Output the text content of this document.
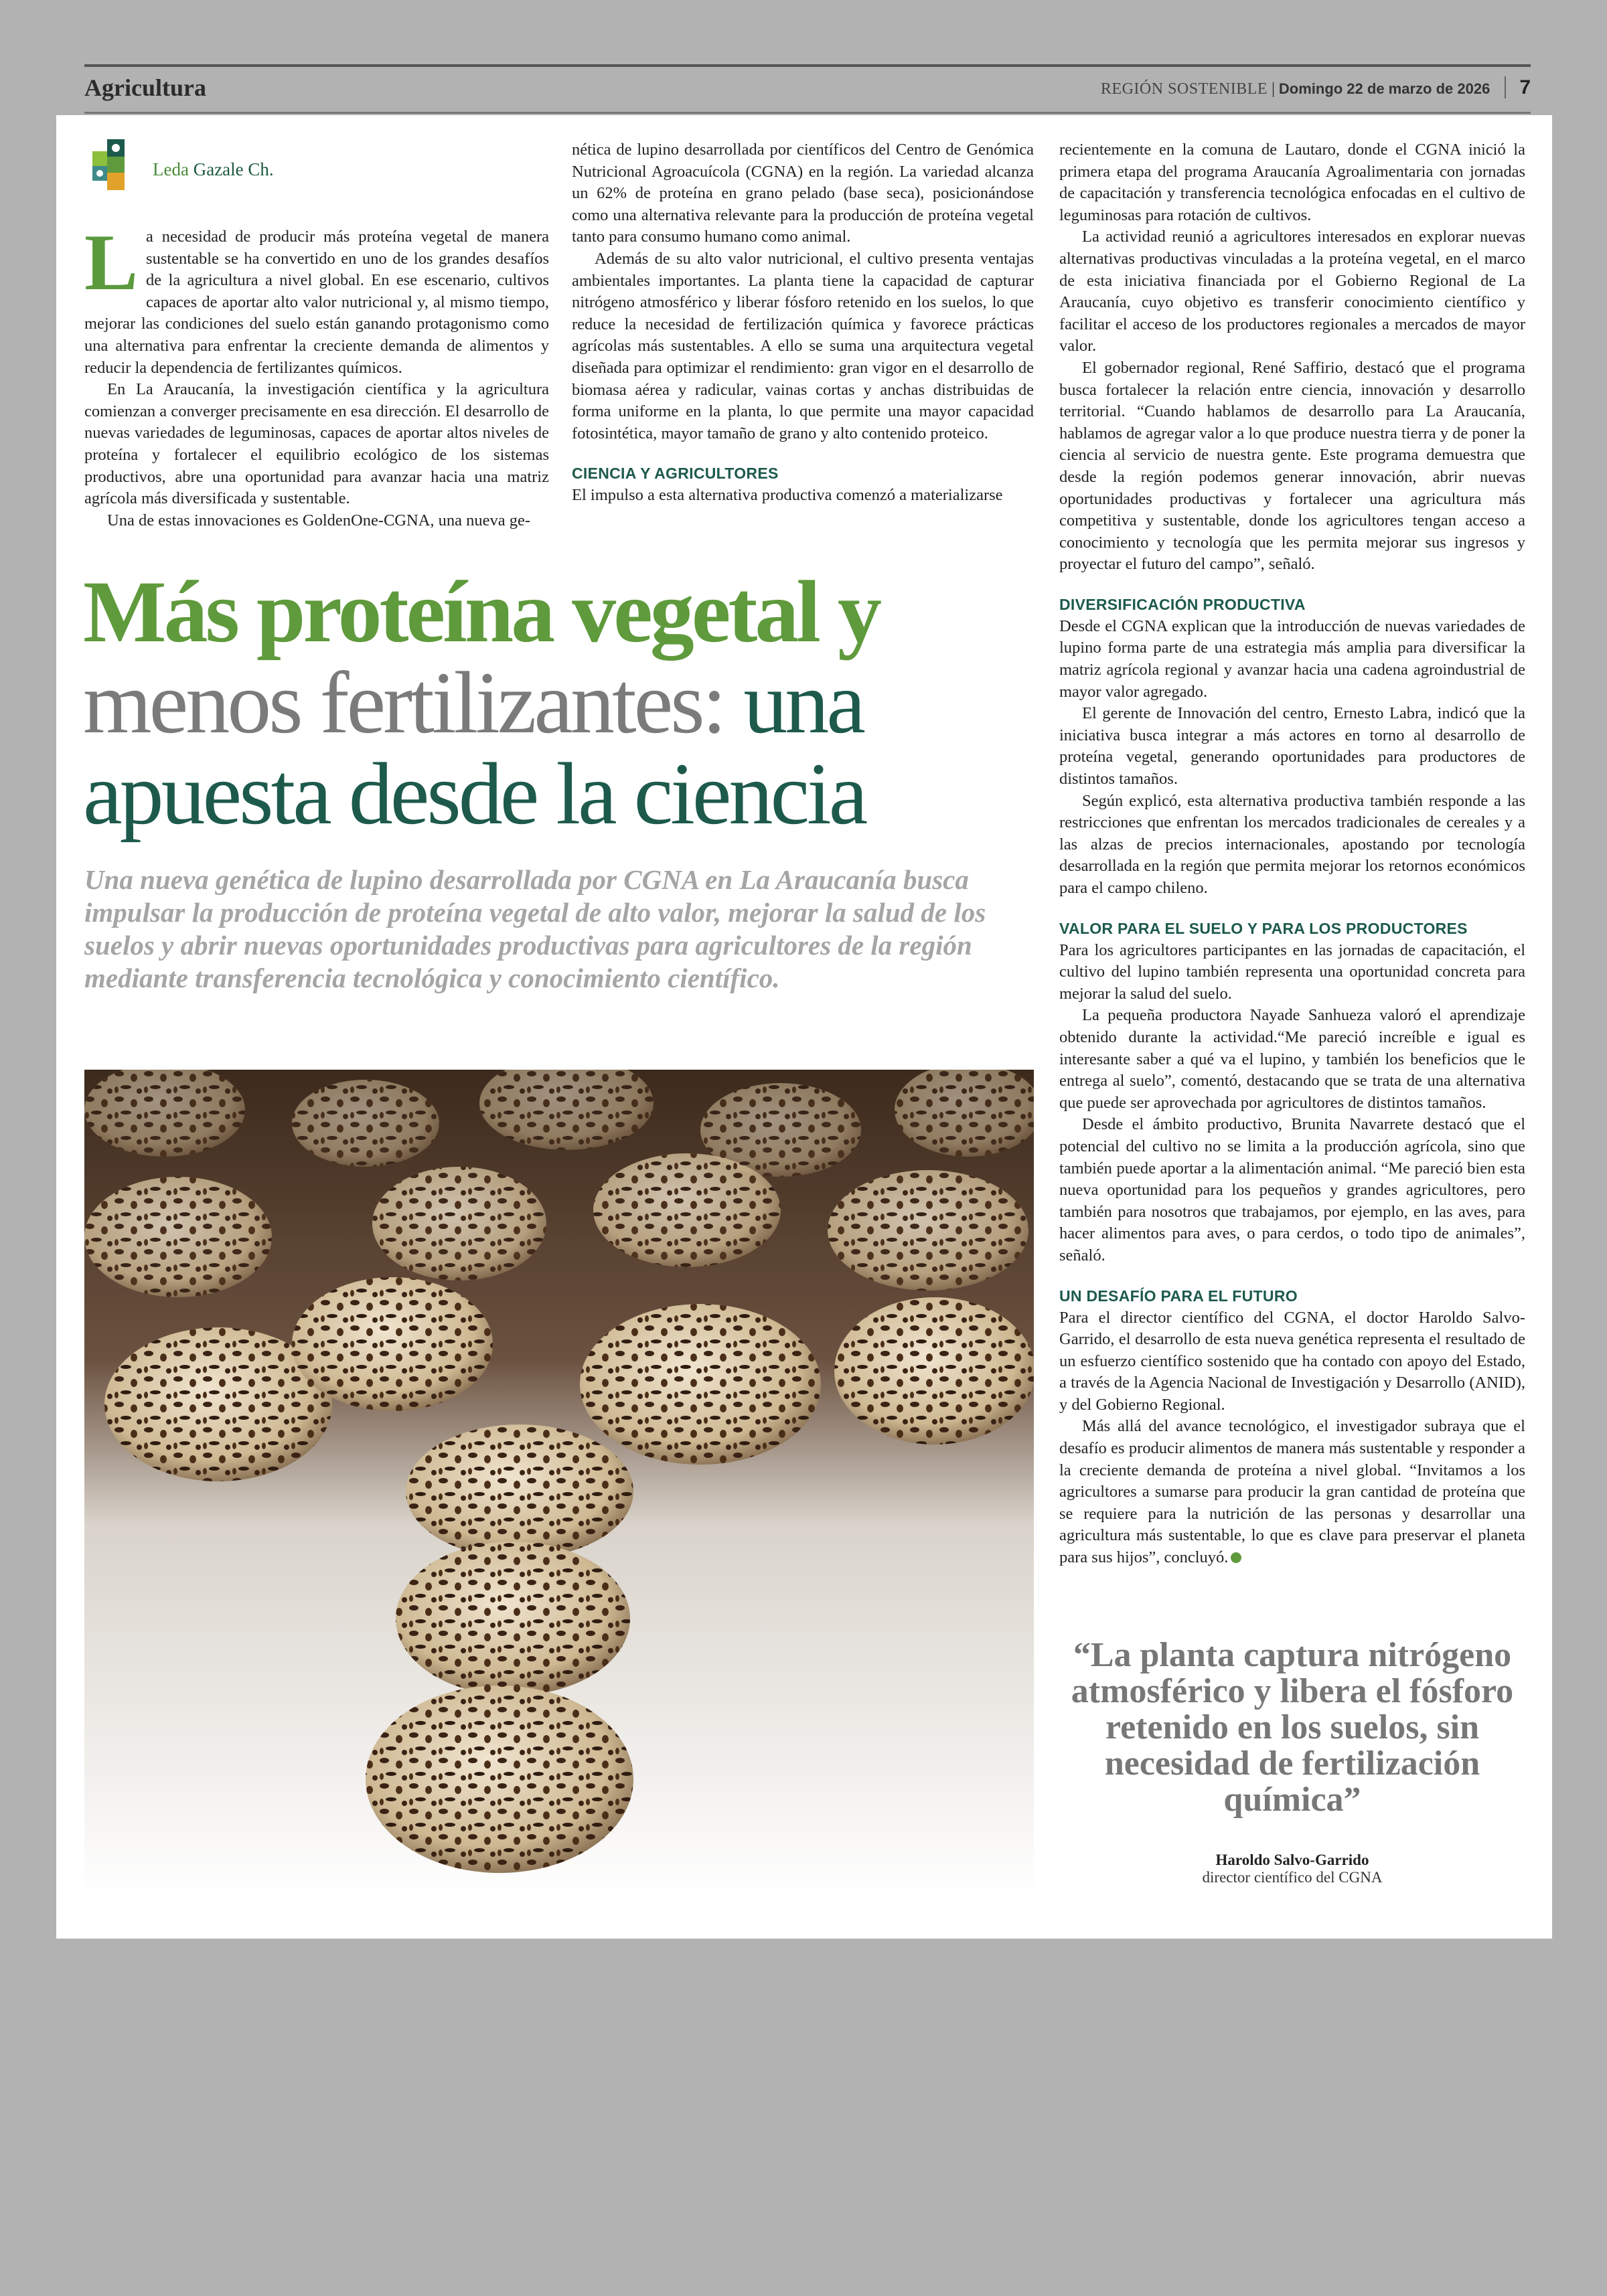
Agricultura	REGIÓN SOSTENIBLE | Domingo 22 de marzo de 2026 7
Leda Gazale Ch.

La necesidad de producir más proteína vegetal de manera sustentable se ha convertido en uno de los grandes desafíos de la agricultura a nivel global. En ese escenario, cultivos capaces de aportar alto valor nutricional y, al mismo tiempo, mejorar las condiciones del suelo están ganando protagonismo como una alternativa para enfrentar la creciente demanda de alimentos y reducir la dependencia de fertilizantes químicos.

En La Araucanía, la investigación científica y la agricultura comienzan a converger precisamente en esa dirección. El desarrollo de nuevas variedades de leguminosas, capaces de aportar altos niveles de proteína y fortalecer el equilibrio ecológico de los sistemas productivos, abre una oportunidad para avanzar hacia una matriz agrícola más diversificada y sustentable.

Una de estas innovaciones es GoldenOne-CGNA, una nueva ge-

nética de lupino desarrollada por científicos del Centro de Genómica Nutricional Agroacuícola (CGNA) en la región. La variedad alcanza un 62% de proteína en grano pelado (base seca), posicionándose como una alternativa relevante para la producción de proteína vegetal tanto para consumo humano como animal.

Además de su alto valor nutricional, el cultivo presenta ventajas ambientales importantes. La planta tiene la capacidad de capturar nitrógeno atmosférico y liberar fósforo retenido en los suelos, lo que reduce la necesidad de fertilización química y favorece prácticas agrícolas más sustentables. A ello se suma una arquitectura vegetal diseñada para optimizar el rendimiento: gran vigor en el desarrollo de biomasa aérea y radicular, vainas cortas y anchas distribuidas de forma uniforme en la planta, lo que permite una mayor capacidad fotosintética, mayor tamaño de grano y alto contenido proteico.

CIENCIA Y AGRICULTORES

El impulso a esta alternativa productiva comenzó a materializarse

recientemente en la comuna de Lautaro, donde el CGNA inició la primera etapa del programa Araucanía Agroalimentaria con jornadas de capacitación y transferencia tecnológica enfocadas en el cultivo de leguminosas para rotación de cultivos.

La actividad reunió a agricultores interesados en explorar nuevas alternativas productivas vinculadas a la proteína vegetal, en el marco de esta iniciativa financiada por el Gobierno Regional de La Araucanía, cuyo objetivo es transferir conocimiento científico y facilitar el acceso de los productores regionales a mercados de mayor valor.

El gobernador regional, René Saffirio, destacó que el programa busca fortalecer la relación entre ciencia, innovación y desarrollo territorial. “Cuando hablamos de desarrollo para La Araucanía, hablamos de agregar valor a lo que produce nuestra tierra y de poner la ciencia al servicio de nuestra gente. Este programa demuestra que desde la región podemos generar innovación, abrir nuevas oportunidades productivas y fortalecer una agricultura más competitiva y sustentable, donde los agricultores tengan acceso a conocimiento y tecnología que les permita mejorar sus ingresos y proyectar el futuro del campo”, señaló.

DIVERSIFICACIÓN PRODUCTIVA

Desde el CGNA explican que la introducción de nuevas variedades de lupino forma parte de una estrategia más amplia para diversificar la matriz agrícola regional y avanzar hacia una cadena agroindustrial de mayor valor agregado.

El gerente de Innovación del centro, Ernesto Labra, indicó que la iniciativa busca integrar a más actores en torno al desarrollo de proteína vegetal, generando oportunidades para productores de distintos tamaños.

Según explicó, esta alternativa productiva también responde a las restricciones que enfrentan los mercados tradicionales de cereales y a las alzas de precios internacionales, apostando por tecnología desarrollada en la región que permita mejorar los retornos económicos para el campo chileno.

VALOR PARA EL SUELO Y PARA LOS PRODUCTORES

Para los agricultores participantes en las jornadas de capacitación, el cultivo del lupino también representa una oportunidad concreta para mejorar la salud del suelo.

La pequeña productora Nayade Sanhueza valoró el aprendizaje obtenido durante la actividad.“Me pareció increíble e igual es interesante saber a qué va el lupino, y también los beneficios que le entrega al suelo”, comentó, destacando que se trata de una alternativa que puede ser aprovechada por agricultores de distintos tamaños.

Desde el ámbito productivo, Brunita Navarrete destacó que el potencial del cultivo no se limita a la producción agrícola, sino que también puede aportar a la alimentación animal. “Me pareció bien esta nueva oportunidad para los pequeños y grandes agricultores, pero también para nosotros que trabajamos, por ejemplo, en las aves, para hacer alimentos para aves, o para cerdos, o todo tipo de animales”, señaló.

UN DESAFÍO PARA EL FUTURO

Para el director científico del CGNA, el doctor Haroldo Salvo-Garrido, el desarrollo de esta nueva genética representa el resultado de un esfuerzo científico sostenido que ha contado con apoyo del Estado, a través de la Agencia Nacional de Investigación y Desarrollo (ANID), y del Gobierno Regional.

Más allá del avance tecnológico, el investigador subraya que el desafío es producir alimentos de manera más sustentable y responder a la creciente demanda de proteína a nivel global. “Invitamos a los agricultores a sumarse para producir la gran cantidad de proteína que se requiere para la nutrición de las personas y desarrollar una agricultura más sustentable, lo que es clave para preservar el planeta para sus hijos”, concluyó.

Más proteína vegetal y
menos fertilizantes: una apuesta desde la ciencia

Una nueva genética de lupino desarrollada por CGNA en La Araucanía busca impulsar la producción de proteína vegetal de alto valor, mejorar la salud de los suelos y abrir nuevas oportunidades productivas para agricultores de la región mediante transferencia tecnológica y conocimiento científico.

“La planta captura nitrógeno atmosférico y libera el fósforo retenido en los suelos, sin necesidad de fertilización química”

Haroldo Salvo-Garrido
director científico del CGNA
